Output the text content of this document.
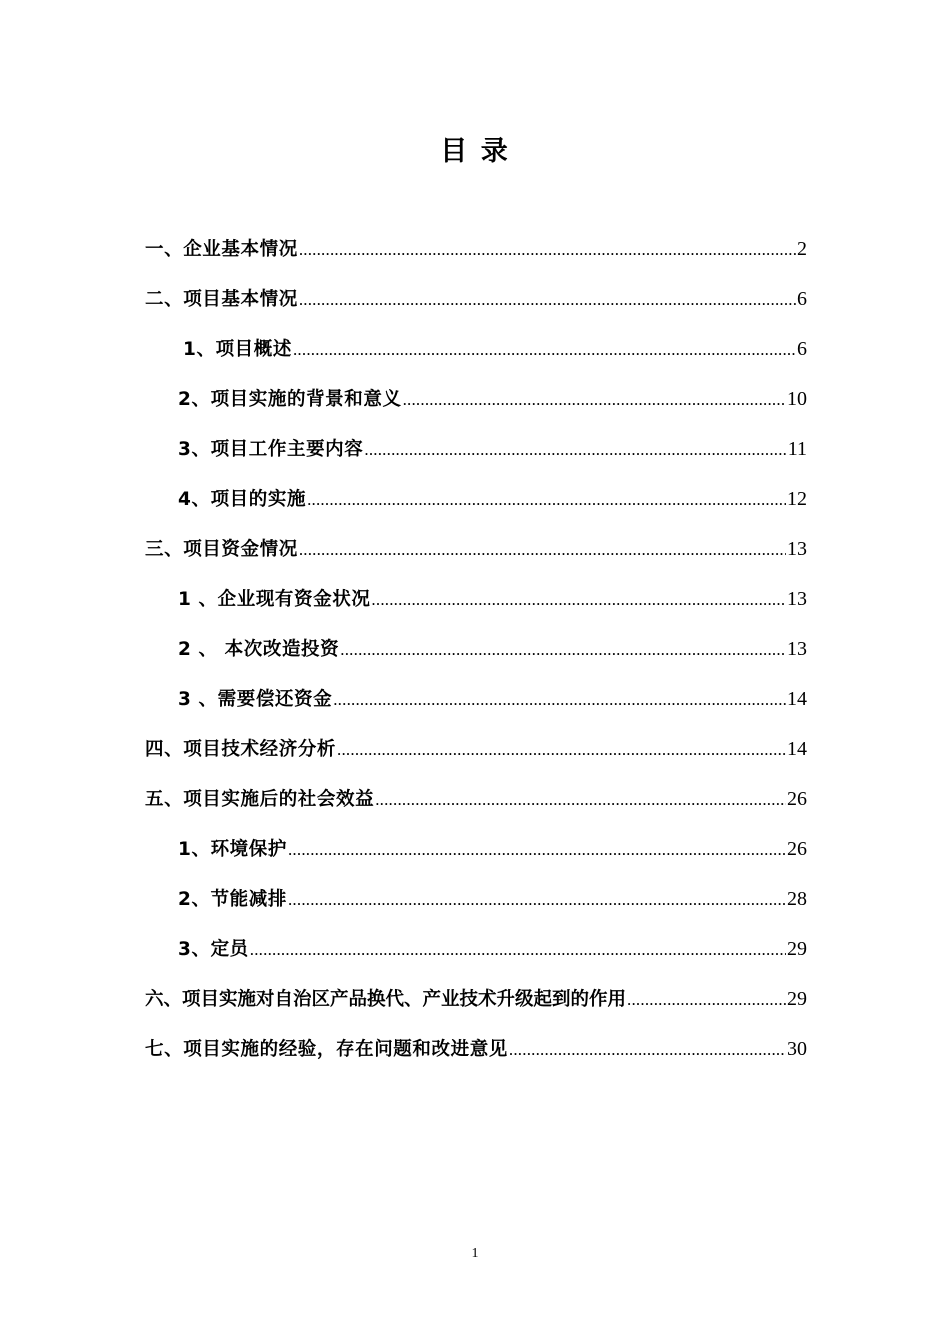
目 录
一、企业基本情况 .....	2
二、项目基本情况 .....	6
1、项目概述 .....	6
2、项目实施的背景和意义 .....	10
3、项目工作主要内容 .....	11
4、项目的实施 .....	12
三、项目资金情况 .....	13
1 、企业现有资金状况 .....	13
2 、 本次改造投资 .....	13
3 、需要偿还资金 .....	14
四、项目技术经济分析 .....	14
五、项目实施后的社会效益 .....	26
1、环境保护 .....	26
2、节能减排 .....	28
3、定员 .....	29
六、项目实施对自治区产品换代、产业技术升级起到的作用 .....	29
七、项目实施的经验，存在问题和改进意见 .....	30
1
